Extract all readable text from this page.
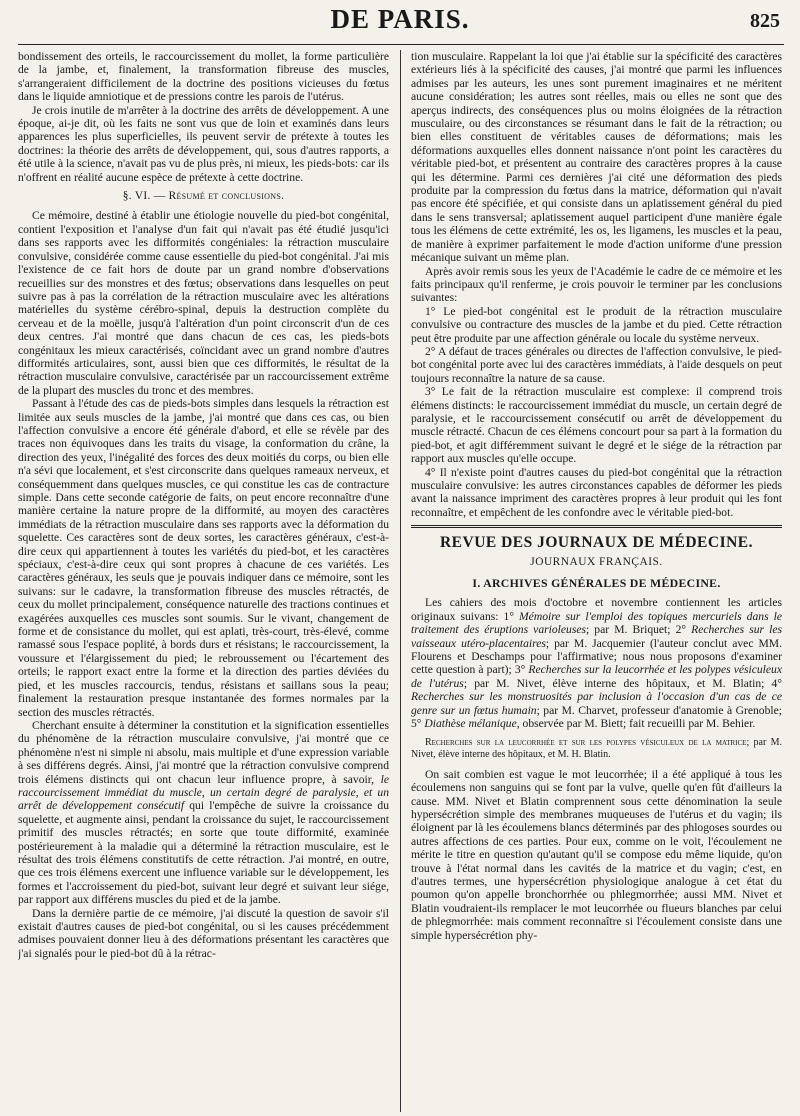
DE PARIS.	825

bondissement des orteils, le raccourcissement du mollet, la forme particulière de la jambe, et, finalement, la transformation fibreuse des muscles, s'arrangeraient difficilement de la doctrine des positions vicieuses du fœtus dans le liquide amniotique et de pressions contre les parois de l'utérus.

Je crois inutile de m'arrêter à la doctrine des arrêts de développement. A une époque, ai-je dit, où les faits ne sont vus que de loin et examinés dans leurs apparences les plus superficielles, ils peuvent servir de prétexte à toutes les doctrines: la théorie des arrêts de développement, qui, sous d'autres rapports, a été utile à la science, n'avait pas vu de plus près, ni mieux, les pieds-bots: car ils n'offrent en réalité aucune espèce de prétexte à cette doctrine.

§. VI. — Résumé et conclusions.

Ce mémoire, destiné à établir une étiologie nouvelle du pied-bot congénital, contient l'exposition et l'analyse d'un fait qui n'avait pas été étudié jusqu'ici dans ses rapports avec les difformités congéniales: la rétraction musculaire convulsive, considérée comme cause essentielle du pied-bot congénital. J'ai mis l'existence de ce fait hors de doute par un grand nombre d'observations recueillies sur des monstres et des fœtus; observations dans lesquelles on peut suivre pas à pas la corrélation de la rétraction musculaire avec les altérations matérielles du système cérébro-spinal, depuis la destruction complète du cerveau et de la moëlle, jusqu'à l'altération d'un point circonscrit d'un de ces deux centres. J'ai montré que dans chacun de ces cas, les pieds-bots congénitaux les mieux caractérisés, coïncidant avec un grand nombre d'autres difformités articulaires, sont, aussi bien que ces difformités, le résultat de la rétraction musculaire convulsive, caractérisée par un raccourcissement extrême de la plupart des muscles du tronc et des membres.

Passant à l'étude des cas de pieds-bots simples dans lesquels la rétraction est limitée aux seuls muscles de la jambe, j'ai montré que dans ces cas, ou bien l'affection convulsive a encore été générale d'abord, et elle se révèle par des traces non équivoques dans les traits du visage, la conformation du crâne, la direction des yeux, l'inégalité des forces des deux moitiés du corps, ou bien elle n'a sévi que localement, et s'est circonscrite dans quelques rameaux nerveux, et conséquemment dans quelques muscles, ce qui constitue les cas de contracture simple. Dans cette seconde catégorie de faits, on peut encore reconnaître d'une manière certaine la nature propre de la difformité, au moyen des caractères immédiats de la rétraction musculaire dans ses rapports avec la déformation du squelette. Ces caractères sont de deux sortes, les caractères généraux, c'est-à-dire ceux qui appartiennent à toutes les variétés du pied-bot, et les caractères spéciaux, c'est-à-dire ceux qui sont propres à chacune de ces variétés. Les caractères généraux, les seuls que je pouvais indiquer dans ce mémoire, sont les suivans: sur le cadavre, la transformation fibreuse des muscles rétractés, de ceux du mollet principalement, conséquence naturelle des tractions continues et exagérées auxquelles ces muscles sont soumis. Sur le vivant, changement de forme et de consistance du mollet, qui est aplati, très-court, très-élevé, comme ramassé sous l'espace poplité, à bords durs et résistans; le raccourcissement, la voussure et l'élargissement du pied; le rebroussement ou l'écartement des orteils; le rapport exact entre la forme et la direction des parties déviées du pied, et les muscles raccourcis, tendus, résistans et saillans sous la peau; finalement la restauration presque instantanée des formes normales par la section des muscles rétractés.

Cherchant ensuite à déterminer la constitution et la signification essentielles du phénomène de la rétraction musculaire convulsive, j'ai montré que ce phénomène n'est ni simple ni absolu, mais multiple et d'une expression variable à ses différens degrés. Ainsi, j'ai montré que la rétraction convulsive comprend trois élémens distincts qui ont chacun leur influence propre, à savoir, le raccourcissement immédiat du muscle, un certain degré de paralysie, et un arrêt de développement consécutif qui l'empêche de suivre la croissance du squelette, et augmente ainsi, pendant la croissance du sujet, le raccourcissement primitif des muscles rétractés; en sorte que toute difformité, examinée postérieurement à la maladie qui a déterminé la rétraction musculaire, est le résultat des trois élémens constitutifs de cette rétraction. J'ai montré, en outre, que ces trois élémens exercent une influence variable sur le développement, les formes et l'accroissement du pied-bot, suivant leur degré et suivant leur siége, par rapport aux différens muscles du pied et de la jambe.

Dans la dernière partie de ce mémoire, j'ai discuté la question de savoir s'il existait d'autres causes de pied-bot congénital, ou si les causes précédemment admises pouvaient donner lieu à des déformations présentant les caractères que j'ai signalés pour le pied-bot dû à la rétrac-

tion musculaire. Rappelant la loi que j'ai établie sur la spécificité des caractères extérieurs liés à la spécificité des causes, j'ai montré que parmi les influences admises par les auteurs, les unes sont purement imaginaires et ne méritent aucune considération; les autres sont réelles, mais ou elles ne sont que des aperçus indirects, des conséquences plus ou moins éloignées de la rétraction musculaire, ou des circonstances se résumant dans le fait de la rétraction; ou bien elles constituent de véritables causes de déformations; mais les déformations auxquelles elles donnent naissance n'ont point les caractères du véritable pied-bot, et présentent au contraire des caractères propres à la cause qui les détermine. Parmi ces dernières j'ai cité une déformation des pieds produite par la compression du fœtus dans la matrice, déformation qui n'avait pas encore été spécifiée, et qui consiste dans un aplatissement général du pied dans le sens transversal; aplatissement auquel participent d'une manière égale tous les élémens de cette extrémité, les os, les ligamens, les muscles et la peau, de manière à exprimer parfaitement le mode d'action uniforme d'une pression mécanique suivant un même plan.

Après avoir remis sous les yeux de l'Académie le cadre de ce mémoire et les faits principaux qu'il renferme, je crois pouvoir le terminer par les conclusions suivantes:

1° Le pied-bot congénital est le produit de la rétraction musculaire convulsive ou contracture des muscles de la jambe et du pied. Cette rétraction peut être produite par une affection générale ou locale du système nerveux.

2° A défaut de traces générales ou directes de l'affection convulsive, le pied-bot congénital porte avec lui des caractères immédiats, à l'aide desquels on peut toujours reconnaître la nature de sa cause.

3° Le fait de la rétraction musculaire est complexe: il comprend trois élémens distincts: le raccourcissement immédiat du muscle, un certain degré de paralysie, et le raccourcissement consécutif ou arrêt de développement du muscle rétracté. Chacun de ces élémens concourt pour sa part à la formation du pied-bot, et agit différemment suivant le degré et le siége de la rétraction par rapport aux muscles qu'elle occupe.

4° Il n'existe point d'autres causes du pied-bot congénital que la rétraction musculaire convulsive: les autres circonstances capables de déformer les pieds avant la naissance impriment des caractères propres à leur produit qui les font reconnaître, et empêchent de les confondre avec le véritable pied-bot.

REVUE DES JOURNAUX DE MÉDECINE.
JOURNAUX FRANÇAIS.
I. ARCHIVES GÉNÉRALES DE MÉDECINE.

Les cahiers des mois d'octobre et novembre contiennent les articles originaux suivans: 1° Mémoire sur l'emploi des topiques mercuriels dans le traitement des éruptions varioleuses; par M. Briquet; 2° Recherches sur les vaisseaux utéro-placentaires; par M. Jacquemier (l'auteur conclut avec MM. Flourens et Deschamps pour l'affirmative; nous nous proposons d'examiner cette question à part); 3° Recherches sur la leucorrhée et les polypes vésiculeux de l'utérus; par M. Nivet, élève interne des hôpitaux, et M. Blatin; 4° Recherches sur les monstruosités par inclusion à l'occasion d'un cas de ce genre sur un fœtus humain; par M. Charvet, professeur d'anatomie à Grenoble; 5° Diathèse mélanique, observée par M. Biett; fait recueilli par M. Behier.

Recherches sur la leucorrhée et sur les polypes vésiculeux de la matrice; par M. Nivet, élève interne des hôpitaux, et M. H. Blatin.

On sait combien est vague le mot leucorrhée; il a été appliqué à tous les écoulemens non sanguins qui se font par la vulve, quelle qu'en fût d'ailleurs la cause. MM. Nivet et Blatin comprennent sous cette dénomination la seule hypersécrétion simple des membranes muqueuses de l'utérus et du vagin; ils éloignent par là les écoulemens blancs déterminés par des phlogoses sourdes ou autres affections de ces parties. Pour eux, comme on le voit, l'écoulement ne mérite le titre en question qu'autant qu'il se compose edu même liquide, qu'on trouve à l'état normal dans les cavités de la matrice et du vagin; c'est, en d'autres termes, une hypersécrétion physiologique analogue à cet état du poumon qu'on appelle bronchorrhée ou phlegmorrhée; aussi MM. Nivet et Blatin voudraient-ils remplacer le mot leucorrhée ou flueurs blanches par celui de phlegmorrhée: mais comment reconnaître si l'écoulement consiste dans une simple hypersécrétion phy-
